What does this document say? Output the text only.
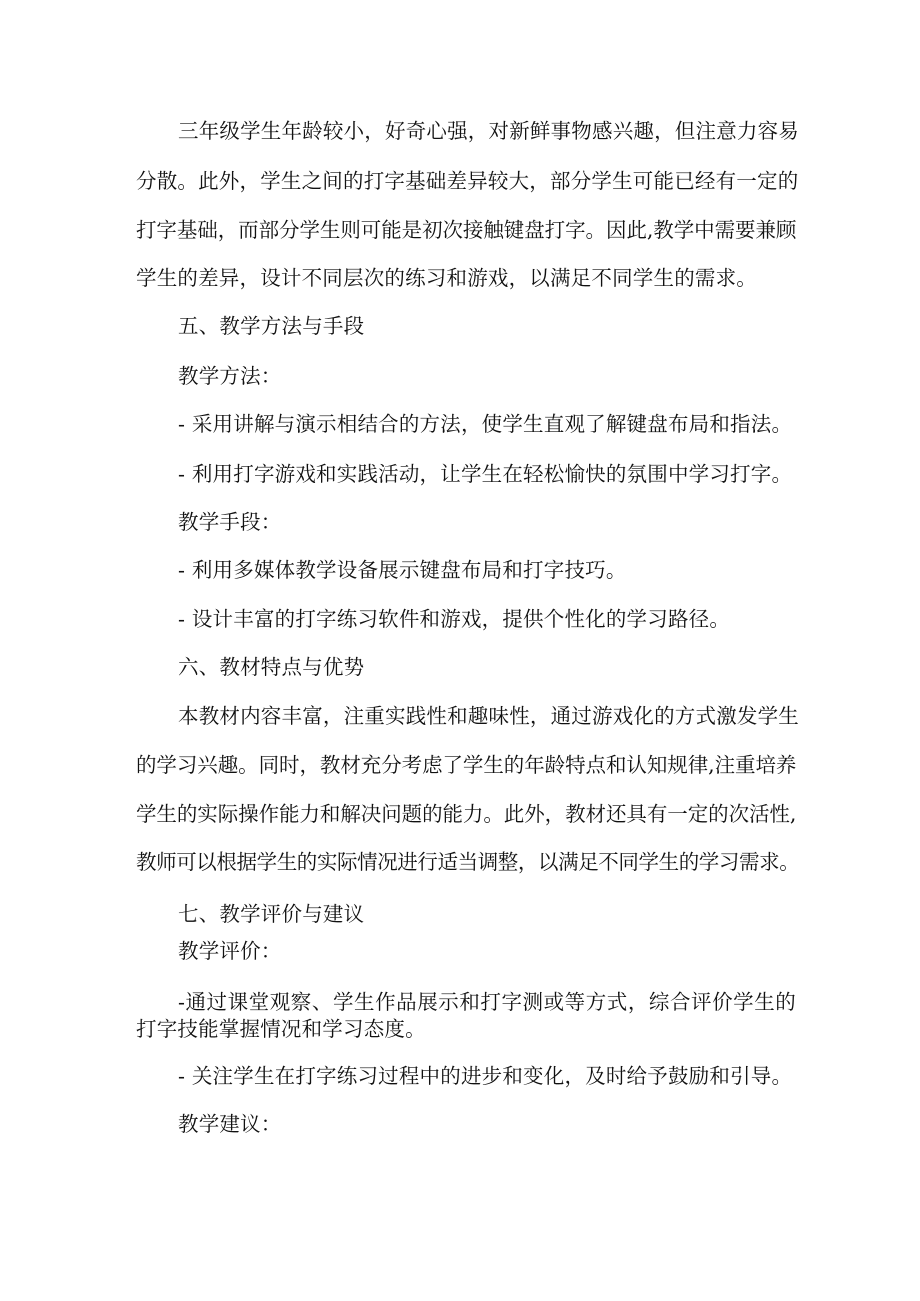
三年级学生年龄较小，好奇心强，对新鲜事物感兴趣，但注意力容易
分散。此外，学生之间的打字基础差异较大，部分学生可能已经有一定的
打字基础，而部分学生则可能是初次接触键盘打字。因此,教学中需要兼顾
学生的差异，设计不同层次的练习和游戏，以满足不同学生的需求。
五、教学方法与手段
教学方法：
- 采用讲解与演示相结合的方法，使学生直观了解键盘布局和指法。
- 利用打字游戏和实践活动，让学生在轻松愉快的氛围中学习打字。
教学手段：
- 利用多媒体教学设备展示键盘布局和打字技巧。
- 设计丰富的打字练习软件和游戏，提供个性化的学习路径。
六、教材特点与优势
本教材内容丰富，注重实践性和趣味性，通过游戏化的方式激发学生
的学习兴趣。同时，教材充分考虑了学生的年龄特点和认知规律,注重培养
学生的实际操作能力和解决问题的能力。此外，教材还具有一定的次活性,
教师可以根据学生的实际情况进行适当调整，以满足不同学生的学习需求。
七、教学评价与建议
教学评价：
-通过课堂观察、学生作品展示和打字测或等方式，综合评价学生的
打字技能掌握情况和学习态度。
- 关注学生在打字练习过程中的进步和变化，及时给予鼓励和引导。
教学建议：
